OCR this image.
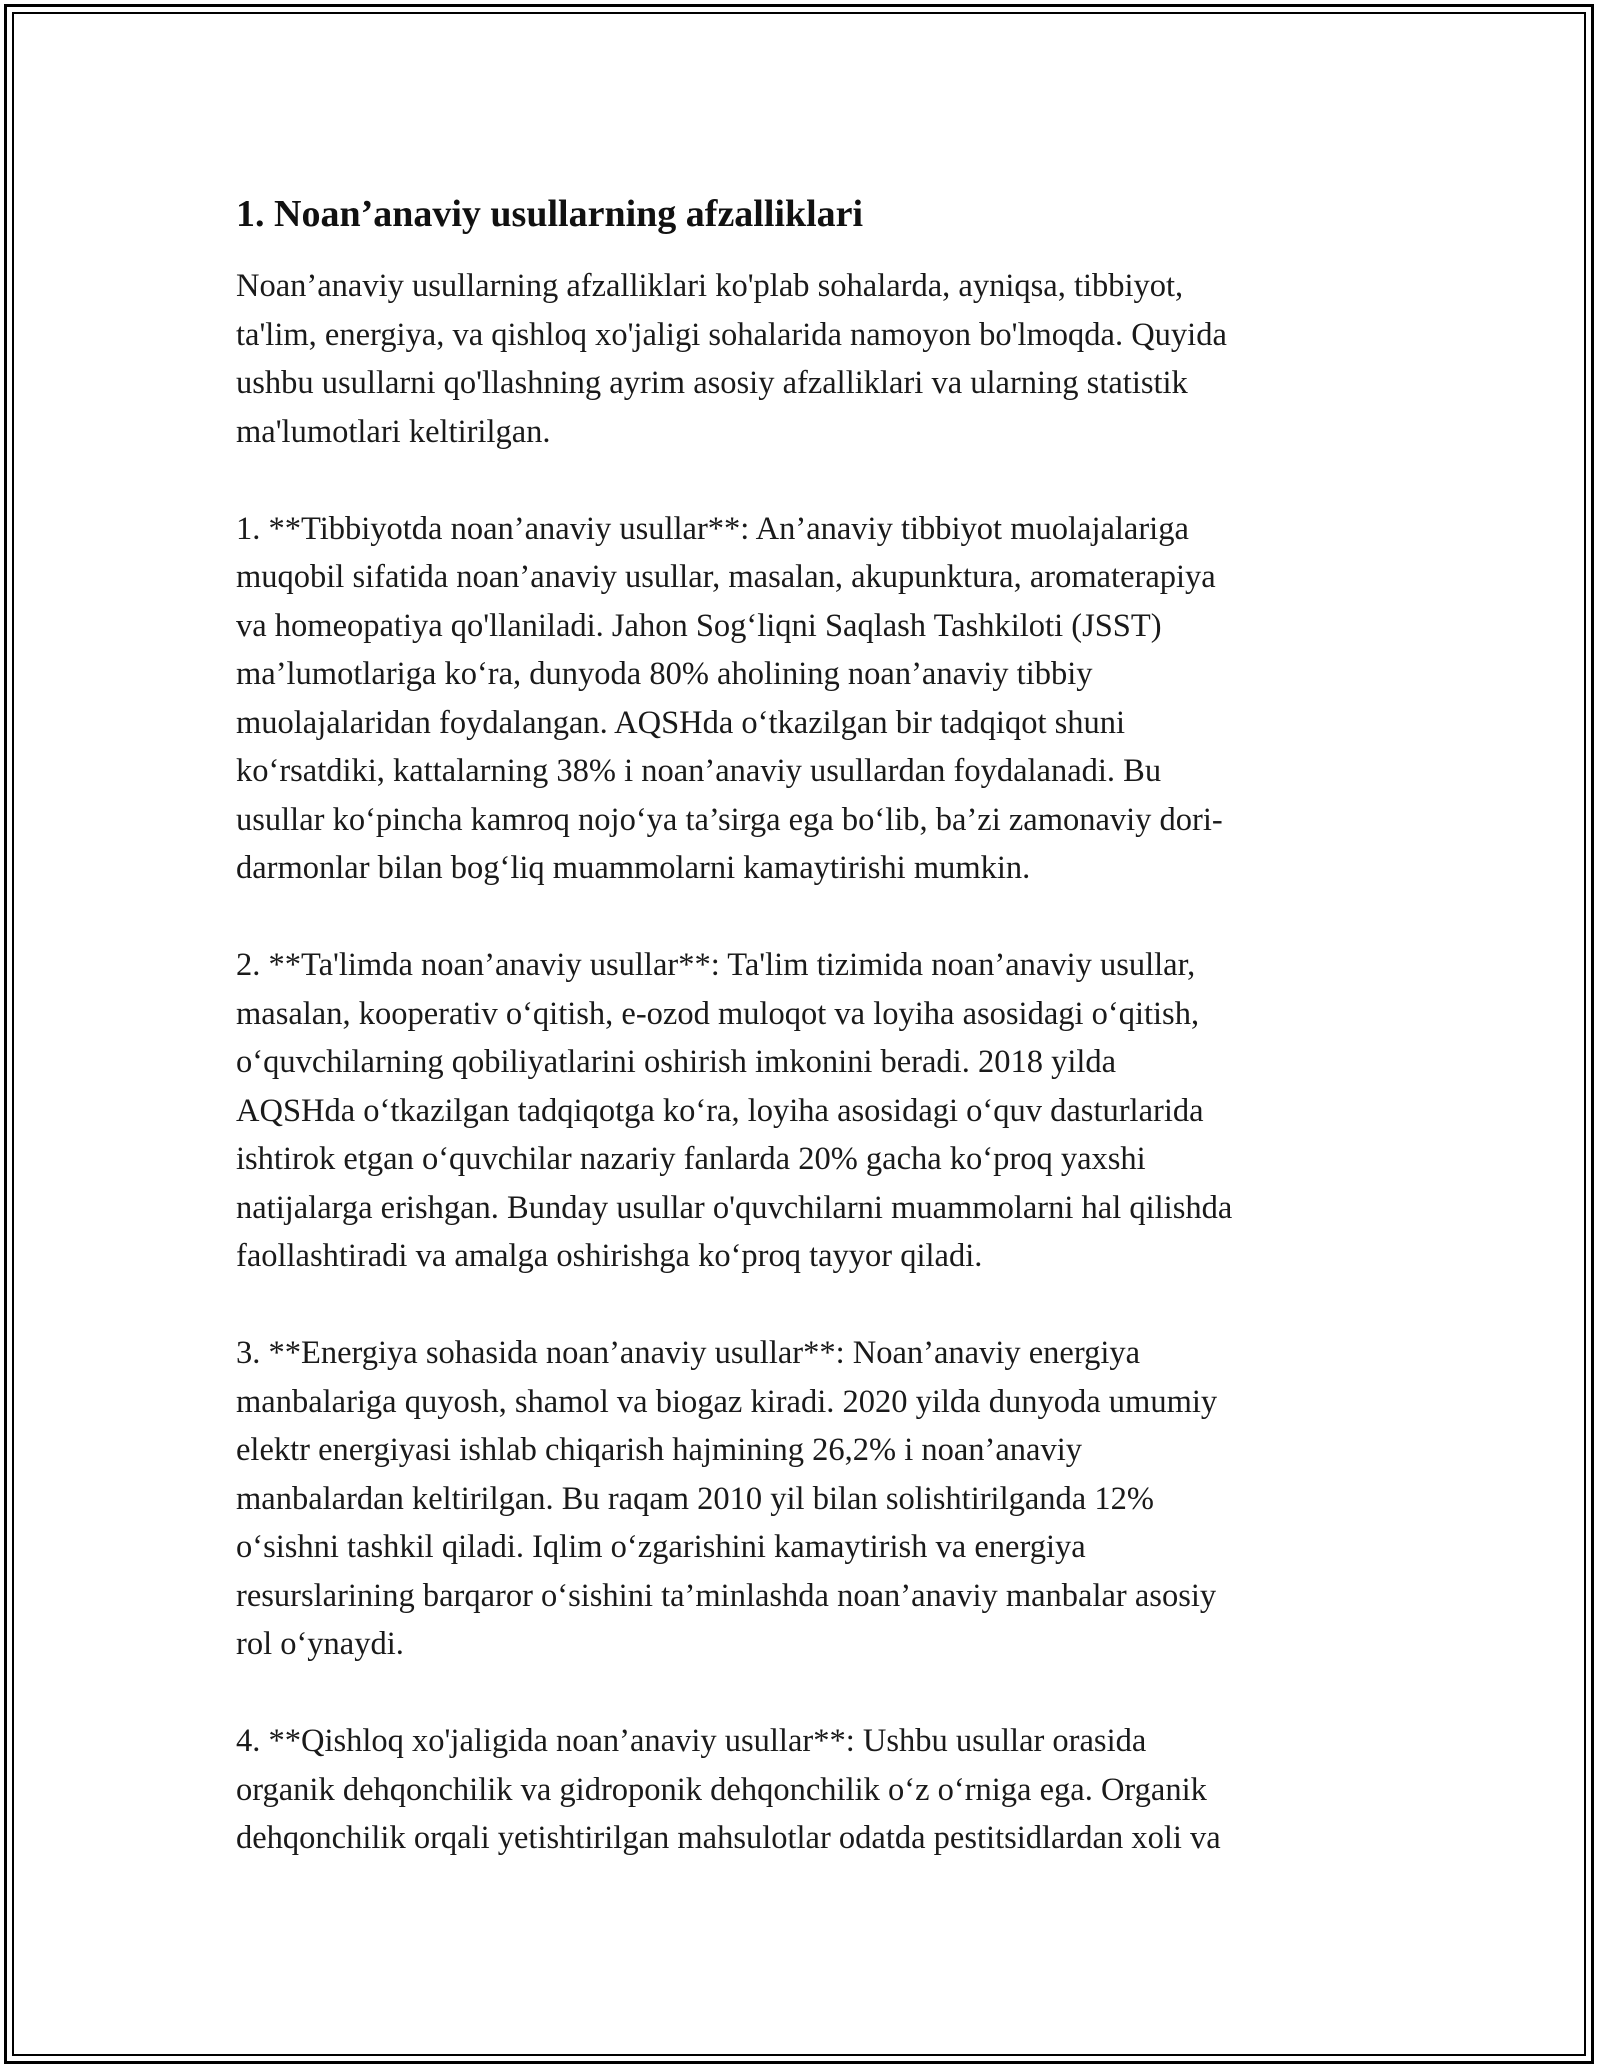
1. Noan’anaviy usullarning afzalliklari
Noan’anaviy usullarning afzalliklari ko'plab sohalarda, ayniqsa, tibbiyot,
ta'lim, energiya, va qishloq xo'jaligi sohalarida namoyon bo'lmoqda. Quyida
ushbu usullarni qo'llashning ayrim asosiy afzalliklari va ularning statistik
ma'lumotlari keltirilgan.
1. **Tibbiyotda noan’anaviy usullar**: An’anaviy tibbiyot muolajalariga
muqobil sifatida noan’anaviy usullar, masalan, akupunktura, aromaterapiya
va homeopatiya qo'llaniladi. Jahon Sog‘liqni Saqlash Tashkiloti (JSST)
ma’lumotlariga ko‘ra, dunyoda 80% aholining noan’anaviy tibbiy
muolajalaridan foydalangan. AQSHda o‘tkazilgan bir tadqiqot shuni
ko‘rsatdiki, kattalarning 38% i noan’anaviy usullardan foydalanadi. Bu
usullar ko‘pincha kamroq nojo‘ya ta’sirga ega bo‘lib, ba’zi zamonaviy dori-
darmonlar bilan bog‘liq muammolarni kamaytirishi mumkin.
2. **Ta'limda noan’anaviy usullar**: Ta'lim tizimida noan’anaviy usullar,
masalan, kooperativ o‘qitish, e-ozod muloqot va loyiha asosidagi o‘qitish,
o‘quvchilarning qobiliyatlarini oshirish imkonini beradi. 2018 yilda
AQSHda o‘tkazilgan tadqiqotga ko‘ra, loyiha asosidagi o‘quv dasturlarida
ishtirok etgan o‘quvchilar nazariy fanlarda 20% gacha ko‘proq yaxshi
natijalarga erishgan. Bunday usullar o'quvchilarni muammolarni hal qilishda
faollashtiradi va amalga oshirishga ko‘proq tayyor qiladi.
3. **Energiya sohasida noan’anaviy usullar**: Noan’anaviy energiya
manbalariga quyosh, shamol va biogaz kiradi. 2020 yilda dunyoda umumiy
elektr energiyasi ishlab chiqarish hajmining 26,2% i noan’anaviy
manbalardan keltirilgan. Bu raqam 2010 yil bilan solishtirilganda 12%
o‘sishni tashkil qiladi. Iqlim o‘zgarishini kamaytirish va energiya
resurslarining barqaror o‘sishini ta’minlashda noan’anaviy manbalar asosiy
rol o‘ynaydi.
4. **Qishloq xo'jaligida noan’anaviy usullar**: Ushbu usullar orasida
organik dehqonchilik va gidroponik dehqonchilik o‘z o‘rniga ega. Organik
dehqonchilik orqali yetishtirilgan mahsulotlar odatda pestitsidlardan xoli va
